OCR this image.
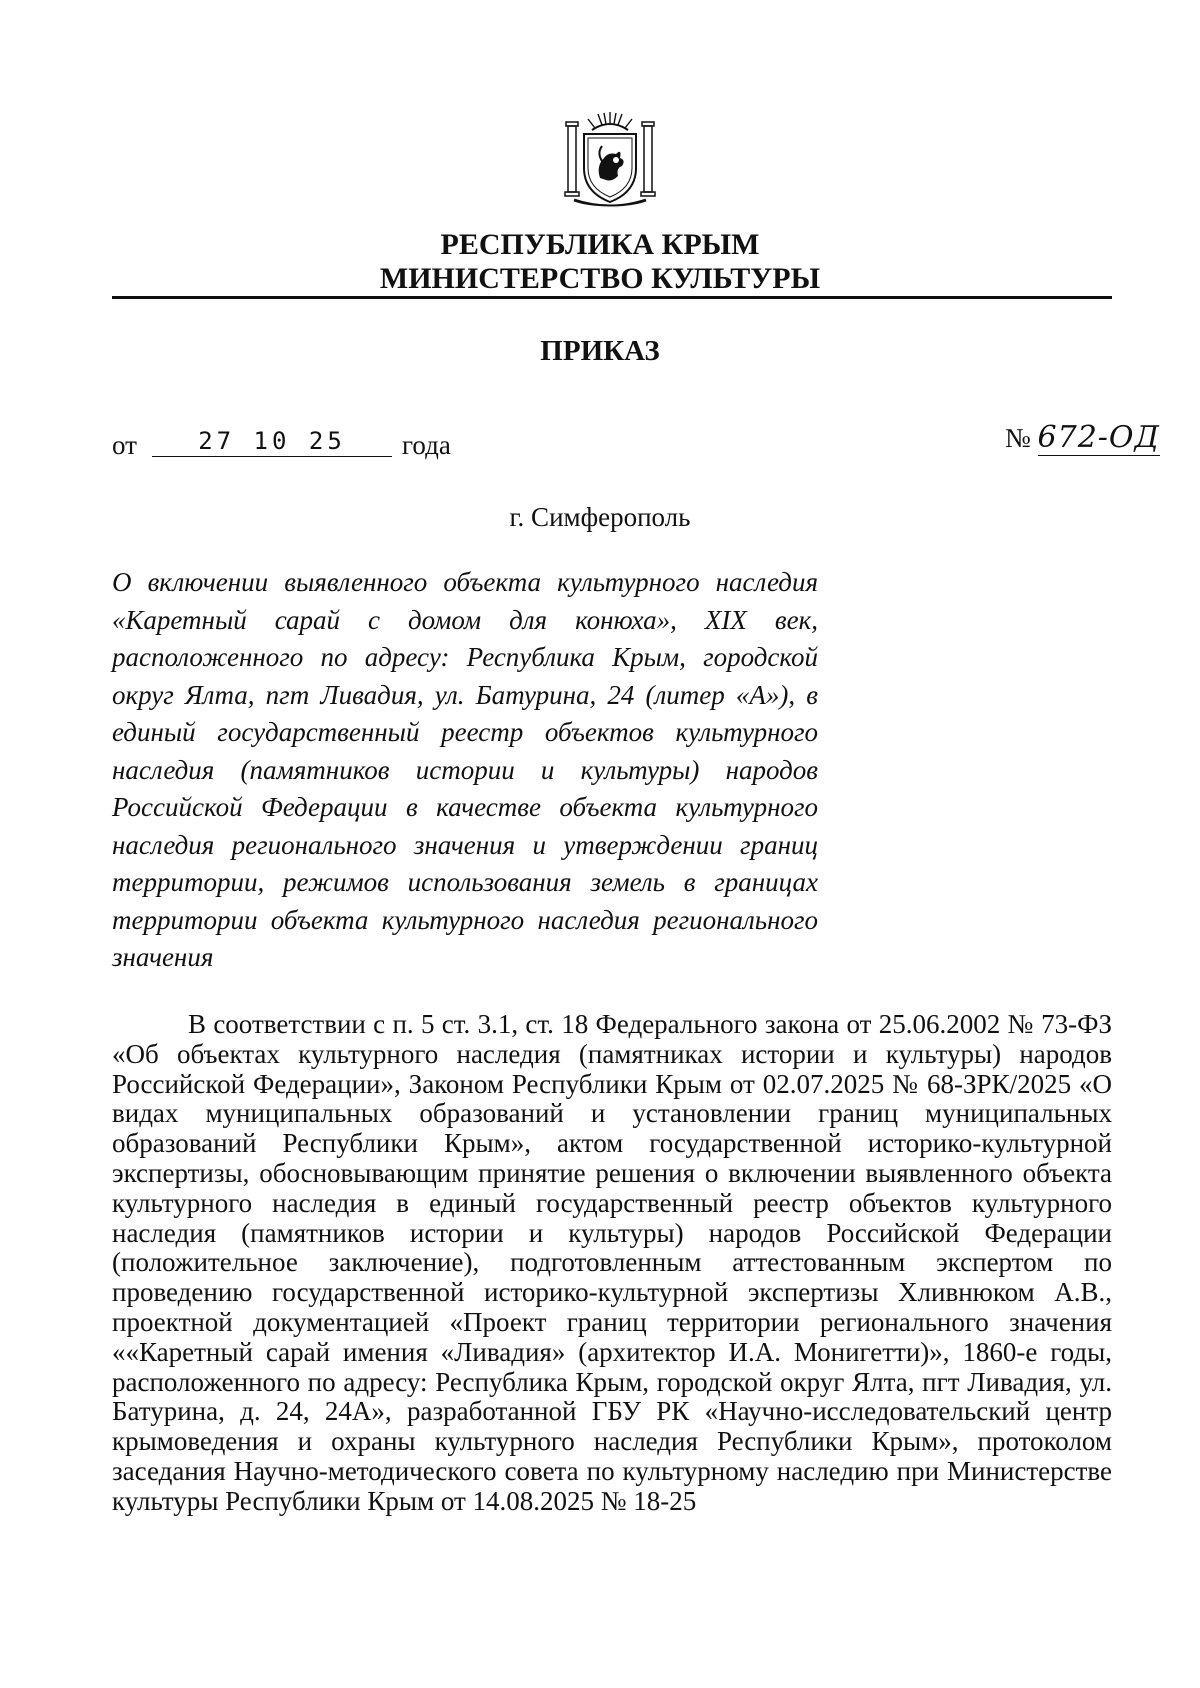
РЕСПУБЛИКА КРЫМ
МИНИСТЕРСТВО КУЛЬТУРЫ
ПРИКАЗ
от	27 10 25	года	№ 672-ОД
г. Симферополь
О включении выявленного объекта культурного наследия «Каретный сарай с домом для конюха», XIX век, расположенного по адресу: Республика Крым, городской округ Ялта, пгт Ливадия, ул. Батурина, 24 (литер «А»), в единый государственный реестр объектов культурного наследия (памятников истории и культуры) народов Российской Федерации в качестве объекта культурного наследия регионального значения и утверждении границ территории, режимов использования земель в границах территории объекта культурного наследия регионального значения
В соответствии с п. 5 ст. 3.1, ст. 18 Федерального закона от 25.06.2002 № 73-ФЗ «Об объектах культурного наследия (памятниках истории и культуры) народов Российской Федерации», Законом Республики Крым от 02.07.2025 № 68-ЗРК/2025 «О видах муниципальных образований и установлении границ муниципальных образований Республики Крым», актом государственной историко-культурной экспертизы, обосновывающим принятие решения о включении выявленного объекта культурного наследия в единый государственный реестр объектов культурного наследия (памятников истории и культуры) народов Российской Федерации (положительное заключение), подготовленным аттестованным экспертом по проведению государственной историко-культурной экспертизы Хливнюком А.В., проектной документацией «Проект границ территории регионального значения ««Каретный сарай имения «Ливадия» (архитектор И.А. Монигетти)», 1860-е годы, расположенного по адресу: Республика Крым, городской округ Ялта, пгт Ливадия, ул. Батурина, д. 24, 24А», разработанной ГБУ РК «Научно-исследовательский центр крымоведения и охраны культурного наследия Республики Крым», протоколом заседания Научно-методического совета по культурному наследию при Министерстве культуры Республики Крым от 14.08.2025 № 18-25
